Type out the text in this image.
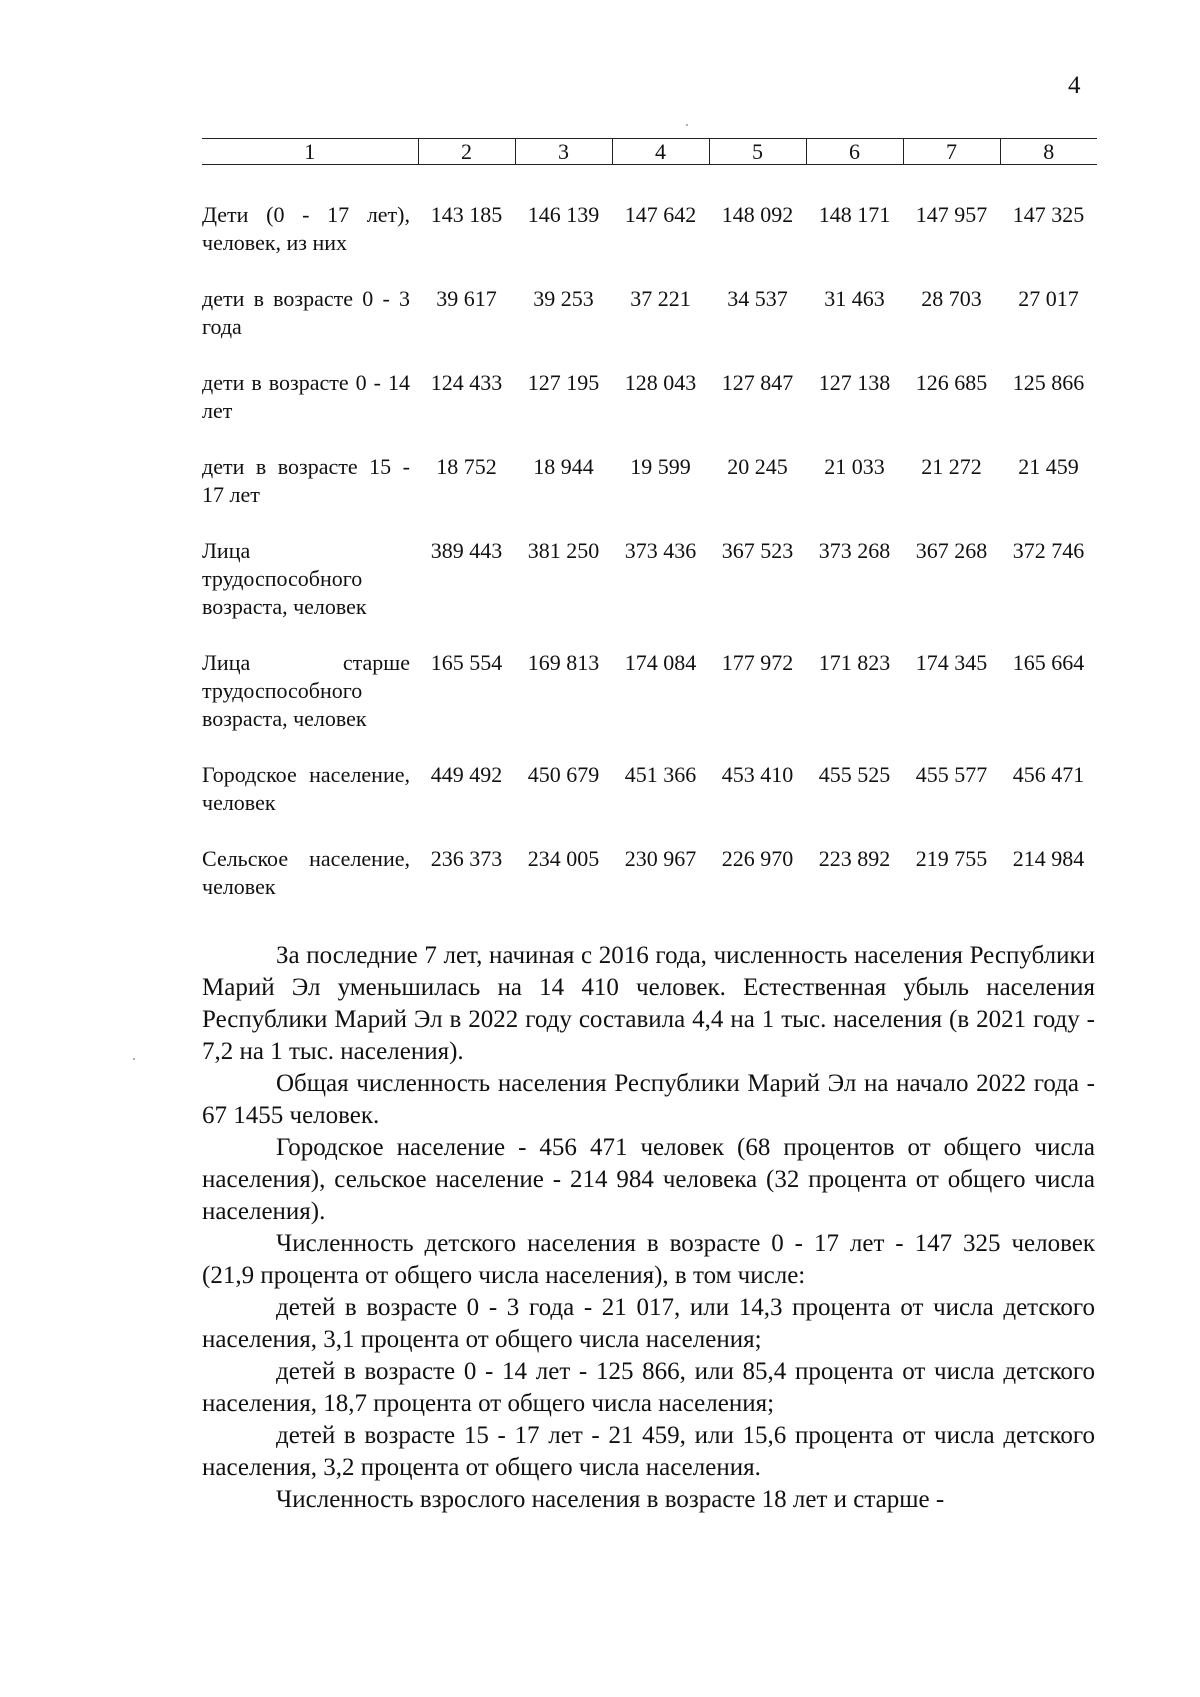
4
1	2	3	4	5	6	7	8

Дети (0 - 17 лет), человек, из них	143 185	146 139	147 642	148 092	148 171	147 957	147 325

дети в возрасте 0 - 3 года	39 617	39 253	37 221	34 537	31 463	28 703	27 017

дети в возрасте 0 - 14 лет	124 433	127 195	128 043	127 847	127 138	126 685	125 866

дети в возрасте 15 - 17 лет	18 752	18 944	19 599	20 245	21 033	21 272	21 459

Лица трудоспособного возраста, человек	389 443	381 250	373 436	367 523	373 268	367 268	372 746

Лица старше трудоспособного возраста, человек	165 554	169 813	174 084	177 972	171 823	174 345	165 664

Городское население, человек	449 492	450 679	451 366	453 410	455 525	455 577	456 471

Сельское население, человек	236 373	234 005	230 967	226 970	223 892	219 755	214 984

За последние 7 лет, начиная с 2016 года, численность населения Республики Марий Эл уменьшилась на 14 410 человек. Естественная убыль населения Республики Марий Эл в 2022 году составила 4,4 на 1 тыс. населения (в 2021 году - 7,2 на 1 тыс. населения).

Общая численность населения Республики Марий Эл на начало 2022 года - 67 1455 человек.

Городское население - 456 471 человек (68 процентов от общего числа населения), сельское население - 214 984 человека (32 процента от общего числа населения).

Численность детского населения в возрасте 0 - 17 лет - 147 325 человек (21,9 процента от общего числа населения), в том числе:

детей в возрасте 0 - 3 года - 21 017, или 14,3 процента от числа детского населения, 3,1 процента от общего числа населения;

детей в возрасте 0 - 14 лет - 125 866, или 85,4 процента от числа детского населения, 18,7 процента от общего числа населения;

детей в возрасте 15 - 17 лет - 21 459, или 15,6 процента от числа детского населения, 3,2 процента от общего числа населения.

Численность взрослого населения в возрасте 18 лет и старше -
